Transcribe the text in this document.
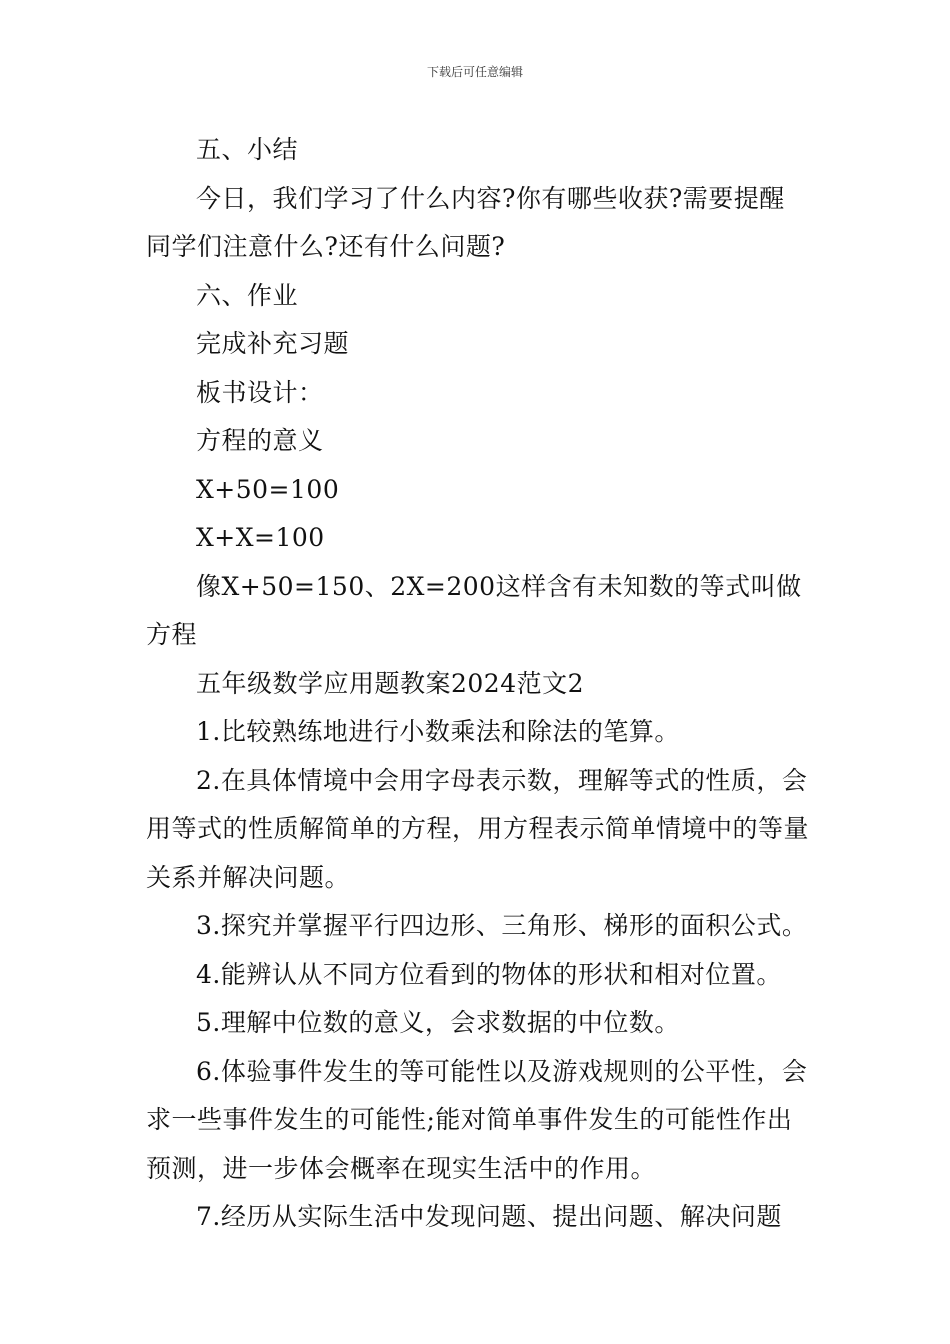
下载后可任意编辑

五、小结

今日，我们学习了什么内容?你有哪些收获?需要提醒同学们注意什么?还有什么问题?

六、作业

完成补充习题

板书设计：

方程的意义

X+50=100

X+X=100

像X+50=150、2X=200这样含有未知数的等式叫做方程

五年级数学应用题教案2024范文2

1.比较熟练地进行小数乘法和除法的笔算。

2.在具体情境中会用字母表示数，理解等式的性质，会用等式的性质解简单的方程，用方程表示简单情境中的等量关系并解决问题。

3.探究并掌握平行四边形、三角形、梯形的面积公式。

4.能辨认从不同方位看到的物体的形状和相对位置。

5.理解中位数的意义，会求数据的中位数。

6.体验事件发生的等可能性以及游戏规则的公平性，会求一些事件发生的可能性;能对简单事件发生的可能性作出预测，进一步体会概率在现实生活中的作用。

7.经历从实际生活中发现问题、提出问题、解决问题
